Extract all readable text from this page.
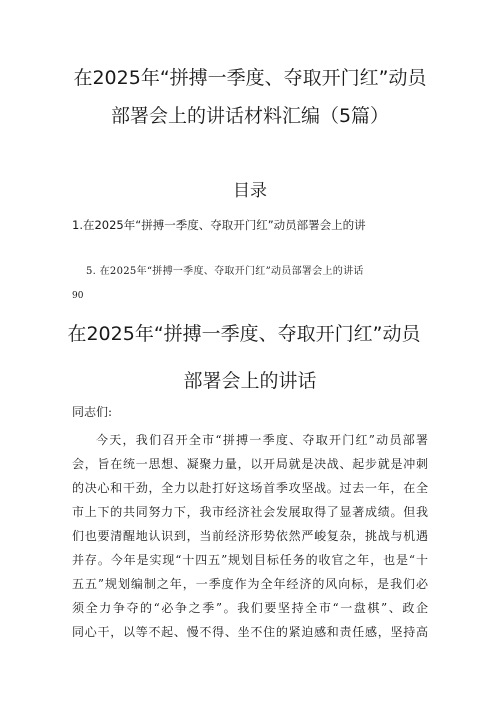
在2025年“拼搏一季度、夺取开门红”动员
部署会上的讲话材料汇编（5篇）
目录
1.在2025年“拼搏一季度、夺取开门红”动员部署会上的讲
5. 在2025年“拼搏一季度、夺取开门红”动员部署会上的讲话
90
在2025年“拼搏一季度、夺取开门红”动员
部署会上的讲话
同志们:
今天，我们召开全市“拼搏一季度、夺取开门红”动员部署
会，旨在统一思想、凝聚力量，以开局就是决战、起步就是冲刺
的决心和干劲，全力以赴打好这场首季攻坚战。过去一年，在全
市上下的共同努力下，我市经济社会发展取得了显著成绩。但我
们也要清醒地认识到，当前经济形势依然严峻复杂，挑战与机遇
并存。今年是实现“十四五”规划目标任务的收官之年，也是“十
五五”规划编制之年，一季度作为全年经济的风向标，是我们必
须全力争夺的“必争之季”。我们要坚持全市“一盘棋”、政企
同心干，以等不起、慢不得、坐不住的紧迫感和责任感，坚持高
